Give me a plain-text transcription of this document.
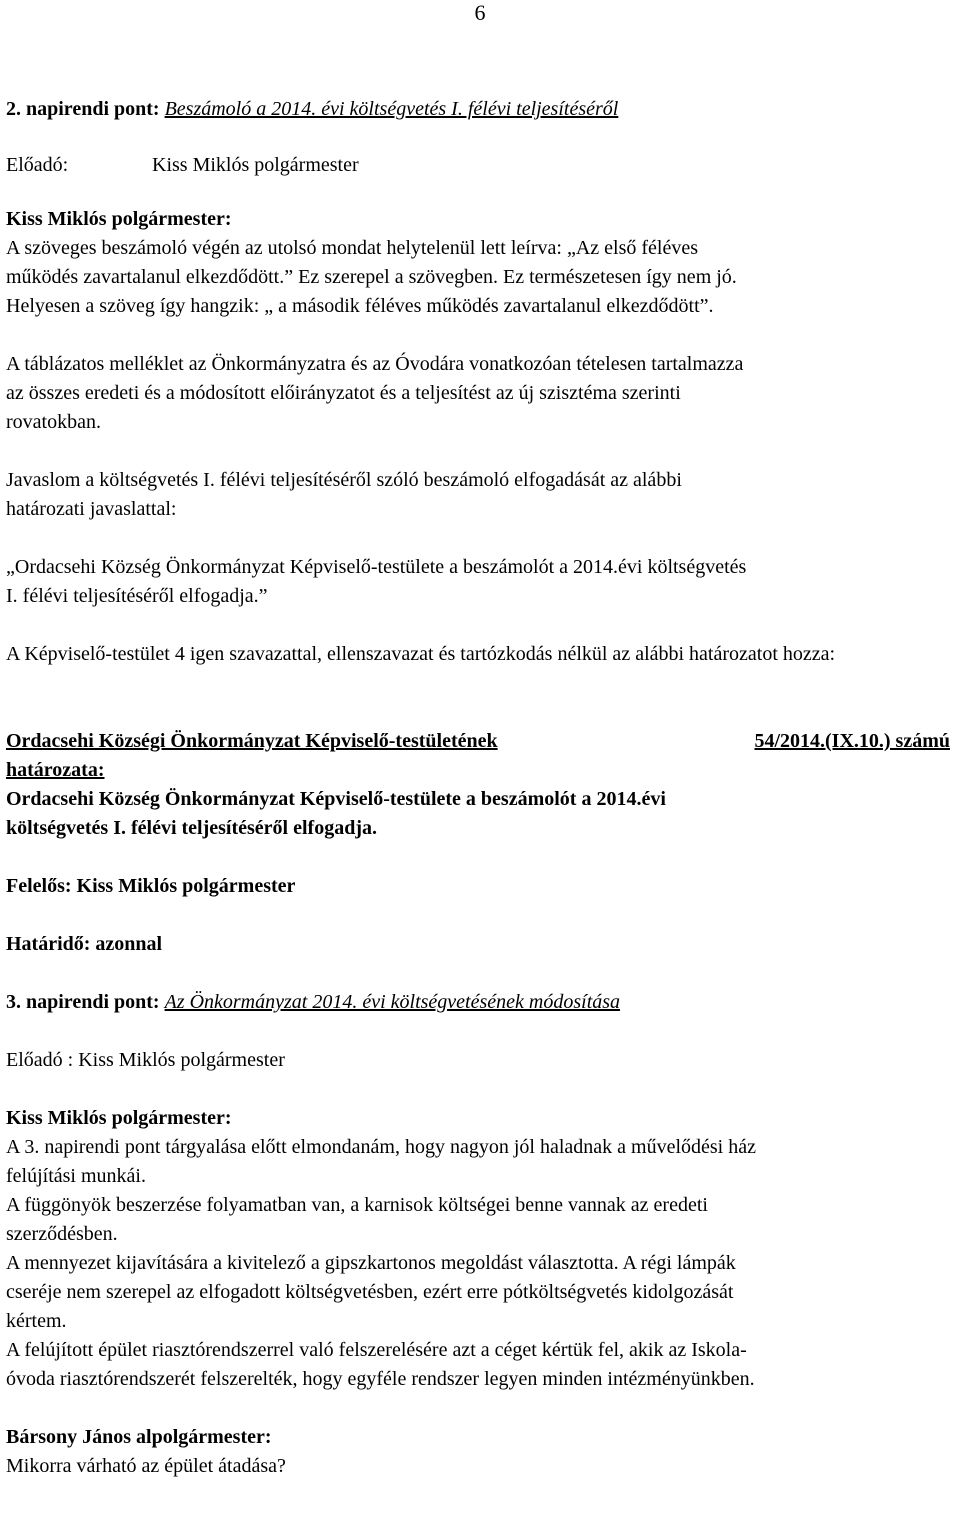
6

2. napirendi pont: Beszámoló a 2014. évi költségvetés I. félévi teljesítéséről

Előadó:	Kiss Miklós polgármester

Kiss Miklós polgármester:

A szöveges beszámoló végén az utolsó mondat helytelenül lett leírva: „Az első féléves

működés zavartalanul elkezdődött.” Ez szerepel a szövegben. Ez természetesen így nem jó.

Helyesen a szöveg így hangzik: „ a második féléves működés zavartalanul elkezdődött”.

A táblázatos melléklet az Önkormányzatra és az Óvodára vonatkozóan tételesen tartalmazza

az összes eredeti és a módosított előirányzatot és a teljesítést az új szisztéma szerinti

rovatokban.

Javaslom a költségvetés I. félévi teljesítéséről szóló beszámoló elfogadását az alábbi

határozati javaslattal:

„Ordacsehi Község Önkormányzat Képviselő-testülete a beszámolót a 2014.évi költségvetés

I. félévi teljesítéséről elfogadja.”

A Képviselő-testület 4 igen szavazattal, ellenszavazat és tartózkodás nélkül az alábbi határozatot hozza:

Ordacsehi Községi Önkormányzat Képviselő-testületének	54/2014.(IX.10.) számú

határozata:

Ordacsehi Község Önkormányzat Képviselő-testülete a beszámolót a 2014.évi

költségvetés I. félévi teljesítéséről elfogadja.

Felelős: Kiss Miklós polgármester

Határidő: azonnal

3. napirendi pont: Az Önkormányzat 2014. évi költségvetésének módosítása

Előadó : Kiss Miklós polgármester

Kiss Miklós polgármester:

A 3. napirendi pont tárgyalása előtt elmondanám, hogy nagyon jól haladnak a művelődési ház

felújítási munkái.

A függönyök beszerzése folyamatban van, a karnisok költségei benne vannak az eredeti

szerződésben.

A mennyezet kijavítására a kivitelező a gipszkartonos megoldást választotta. A régi lámpák

cseréje nem szerepel az elfogadott költségvetésben, ezért erre pótköltségvetés kidolgozását

kértem.

A felújított épület riasztórendszerrel való felszerelésére azt a céget kértük fel, akik az Iskola-

óvoda riasztórendszerét felszerelték, hogy egyféle rendszer legyen minden intézményünkben.

Bársony János alpolgármester:

Mikorra várható az épület átadása?
